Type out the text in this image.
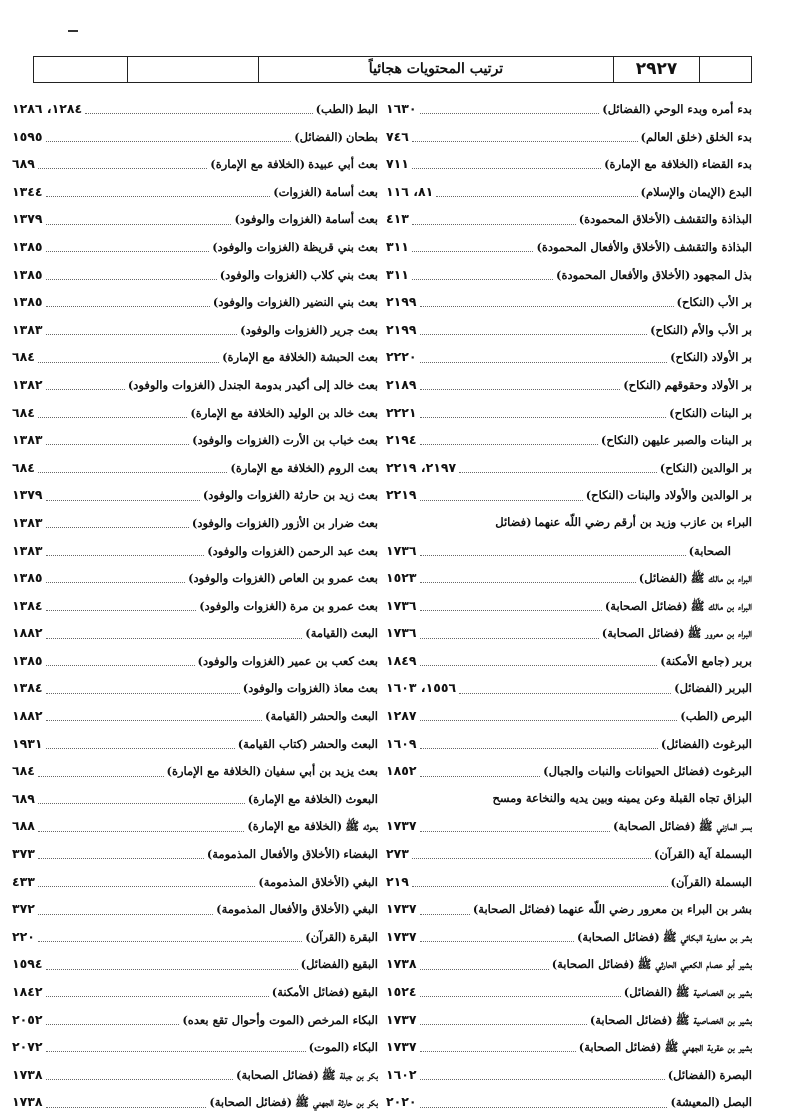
٢٩٢٧
ترتيب المحتويات هجائياً
بدء أمره وبدء الوحي
(الفضائل)
١٦٣٠
بدء الخلق
(خلق العالم)
٧٤٦
بدء القضاء
(الخلافة مع الإمارة)
٧١١
البدع
(الإيمان والإسلام)
٨١، ١١٦
البذاذة والتقشف
(الأخلاق المحمودة)
٤١٣
البذاذة والتقشف
(الأخلاق والأفعال المحمودة)
٣١١
بذل المجهود
(الأخلاق والأفعال المحمودة)
٣١١
بر الأب
(النكاح)
٢١٩٩
بر الأب والأم
(النكاح)
٢١٩٩
بر الأولاد
(النكاح)
٢٢٢٠
بر الأولاد وحقوقهم
(النكاح)
٢١٨٩
بر البنات
(النكاح)
٢٢٢١
بر البنات والصبر عليهن
(النكاح)
٢١٩٤
بر الوالدين
(النكاح)
٢١٩٧، ٢٢١٩
بر الوالدين والأولاد والبنات
(النكاح)
٢٢١٩
البراء بن عازب وزيد بن أرقم رضي اللّه عنهما
(فضائل
الصحابة)
١٧٣٦
البراء بن مالك ﷺ
(الفضائل)
١٥٢٣
البراء بن مالك ﷺ
(فضائل الصحابة)
١٧٣٦
البراء بن معرور ﷺ
(فضائل الصحابة)
١٧٣٦
بربر
(جامع الأمكنة)
١٨٤٩
البربر
(الفضائل)
١٥٥٦، ١٦٠٣
البرص
(الطب)
١٢٨٧
البرغوث
(الفضائل)
١٦٠٩
البرغوث
(فضائل الحيوانات والنبات والجبال)
١٨٥٢
البزاق تجاه القبلة وعن يمينه وبين يديه والنخاعة ومسح
بسر المازني ﷺ
(فضائل الصحابة)
١٧٣٧
البسملة آية
(القرآن)
٢٧٣
البسملة
(القرآن)
٢١٩
بشر بن البراء بن معرور رضي اللّه عنهما
(فضائل الصحابة)
١٧٣٧
بشر بن معاوية البكائي ﷺ
(فضائل الصحابة)
١٧٣٧
بشير أبو عصام الكعبي الحارثي ﷺ
(فضائل الصحابة)
١٧٣٨
بشير بن الخصاصية ﷺ
(الفضائل)
١٥٢٤
بشير بن الخصاصية ﷺ
(فضائل الصحابة)
١٧٣٧
بشير بن عقربة الجهني ﷺ
(فضائل الصحابة)
١٧٣٧
البصرة
(الفضائل)
١٦٠٢
البصل
(المعيشة)
٢٠٢٠
البط
(الطب)
١٢٨٤، ١٢٨٦
بطحان
(الفضائل)
١٥٩٥
بعث أبي عبيدة
(الخلافة مع الإمارة)
٦٨٩
بعث أسامة
(الغزوات)
١٣٤٤
بعث أسامة
(الغزوات والوفود)
١٣٧٩
بعث بني قريظة
(الغزوات والوفود)
١٣٨٥
بعث بني كلاب
(الغزوات والوفود)
١٣٨٥
بعث بني النضير
(الغزوات والوفود)
١٣٨٥
بعث جرير
(الغزوات والوفود)
١٣٨٣
بعث الحبشة
(الخلافة مع الإمارة)
٦٨٤
بعث خالد إلى أكيدر بدومة الجندل
(الغزوات والوفود)
١٣٨٢
بعث خالد بن الوليد
(الخلافة مع الإمارة)
٦٨٤
بعث خباب بن الأرت
(الغزوات والوفود)
١٣٨٣
بعث الروم
(الخلافة مع الإمارة)
٦٨٤
بعث زيد بن حارثة
(الغزوات والوفود)
١٣٧٩
بعث ضرار بن الأزور
(الغزوات والوفود)
١٣٨٣
بعث عبد الرحمن
(الغزوات والوفود)
١٣٨٣
بعث عمرو بن العاص
(الغزوات والوفود)
١٣٨٥
بعث عمرو بن مرة
(الغزوات والوفود)
١٣٨٤
البعث
(القيامة)
١٨٨٢
بعث كعب بن عمير
(الغزوات والوفود)
١٣٨٥
بعث معاذ
(الغزوات والوفود)
١٣٨٤
البعث والحشر
(القيامة)
١٨٨٢
البعث والحشر
(كتاب القيامة)
١٩٣١
بعث يزيد بن أبي سفيان
(الخلافة مع الإمارة)
٦٨٤
البعوث
(الخلافة مع الإمارة)
٦٨٩
بعوثه ﷺ
(الخلافة مع الإمارة)
٦٨٨
البغضاء
(الأخلاق والأفعال المذمومة)
٣٧٣
البغي
(الأخلاق المذمومة)
٤٣٣
البغي
(الأخلاق والأفعال المذمومة)
٣٧٢
البقرة
(القرآن)
٢٢٠
البقيع
(الفضائل)
١٥٩٤
البقيع
(فضائل الأمكنة)
١٨٤٢
البكاء المرخص
(الموت وأحوال تقع بعده)
٢٠٥٢
البكاء
(الموت)
٢٠٧٢
بكر بن جبلة ﷺ
(فضائل الصحابة)
١٧٣٨
بكر بن حارثة الجهني ﷺ
(فضائل الصحابة)
١٧٣٨
